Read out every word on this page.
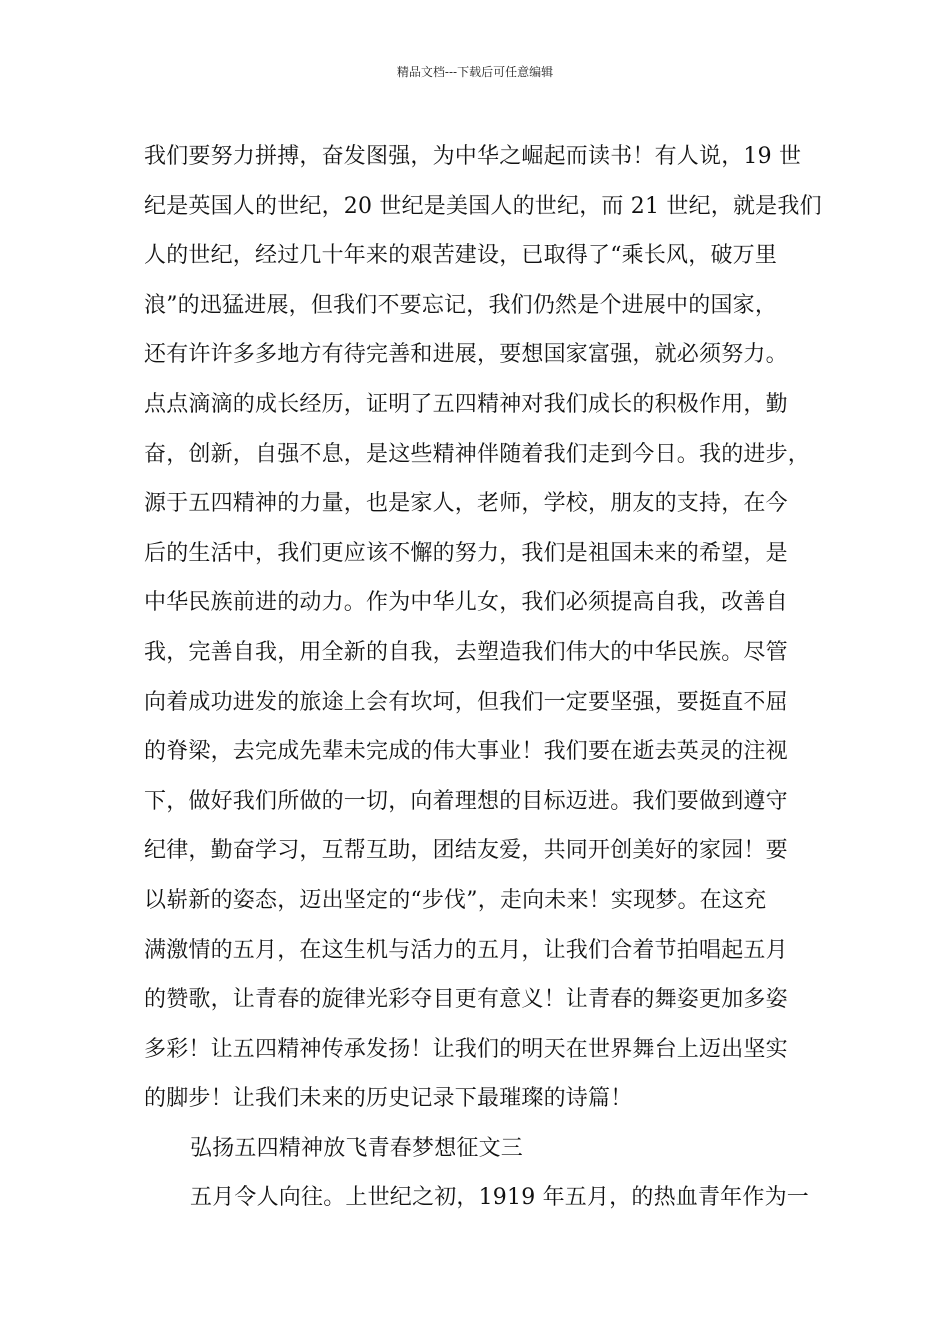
精品文档---下载后可任意编辑
我们要努力拼搏，奋发图强，为中华之崛起而读书！有人说，19 世
纪是英国人的世纪，20 世纪是美国人的世纪，而 21 世纪，就是我们
人的世纪，经过几十年来的艰苦建设，已取得了“乘长风，破万里
浪”的迅猛进展，但我们不要忘记，我们仍然是个进展中的国家，
还有许许多多地方有待完善和进展，要想国家富强，就必须努力。
点点滴滴的成长经历，证明了五四精神对我们成长的积极作用，勤
奋，创新，自强不息，是这些精神伴随着我们走到今日。我的进步，
源于五四精神的力量，也是家人，老师，学校，朋友的支持，在今
后的生活中，我们更应该不懈的努力，我们是祖国未来的希望，是
中华民族前进的动力。作为中华儿女，我们必须提高自我，改善自
我，完善自我，用全新的自我，去塑造我们伟大的中华民族。尽管
向着成功进发的旅途上会有坎坷，但我们一定要坚强，要挺直不屈
的脊梁，去完成先辈未完成的伟大事业！我们要在逝去英灵的注视
下，做好我们所做的一切，向着理想的目标迈进。我们要做到遵守
纪律，勤奋学习，互帮互助，团结友爱，共同开创美好的家园！要
以崭新的姿态，迈出坚定的“步伐”，走向未来！实现梦。在这充
满激情的五月，在这生机与活力的五月，让我们合着节拍唱起五月
的赞歌，让青春的旋律光彩夺目更有意义！让青春的舞姿更加多姿
多彩！让五四精神传承发扬！让我们的明天在世界舞台上迈出坚实
的脚步！让我们未来的历史记录下最璀璨的诗篇！
弘扬五四精神放飞青春梦想征文三
五月令人向往。上世纪之初，1919 年五月，的热血青年作为一
